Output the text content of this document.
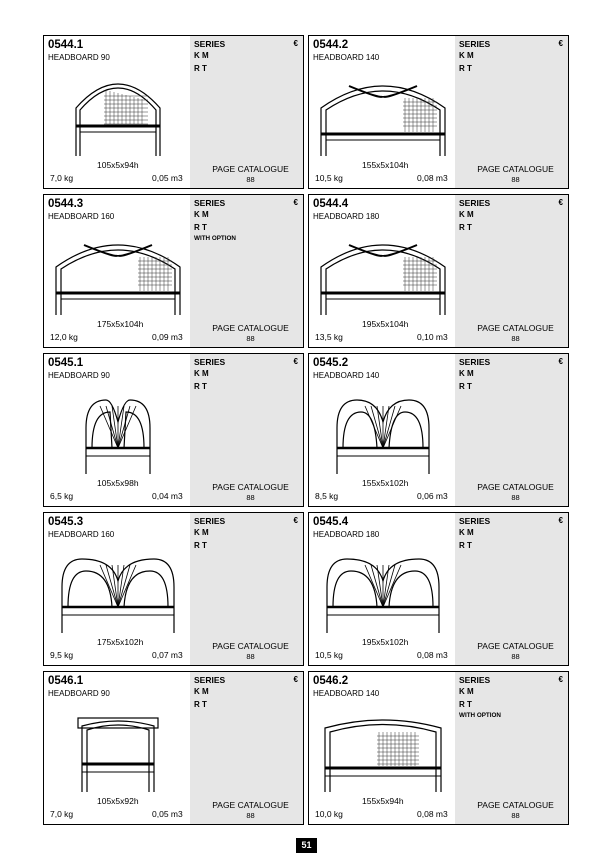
0544.1
HEADBOARD 90
SERIES	€
K M
R T
105x5x94h
7,0 kg	0,05 m3
PAGE CATALOGUE
88
0544.2
HEADBOARD 140
SERIES	€
K M
R T
155x5x104h
10,5 kg	0,08 m3
PAGE CATALOGUE
88
0544.3
HEADBOARD 160
SERIES	€
K M
R T
WITH OPTION
175x5x104h
12,0 kg	0,09 m3
PAGE CATALOGUE
88
0544.4
HEADBOARD 180
SERIES	€
K M
R T
195x5x104h
13,5 kg	0,10 m3
PAGE CATALOGUE
88
0545.1
HEADBOARD 90
SERIES	€
K M
R T
105x5x98h
6,5 kg	0,04 m3
PAGE CATALOGUE
88
0545.2
HEADBOARD 140
SERIES	€
K M
R T
155x5x102h
8,5 kg	0,06 m3
PAGE CATALOGUE
88
0545.3
HEADBOARD 160
SERIES	€
K M
R T
175x5x102h
9,5 kg	0,07 m3
PAGE CATALOGUE
88
0545.4
HEADBOARD 180
SERIES	€
K M
R T
195x5x102h
10,5 kg	0,08 m3
PAGE CATALOGUE
88
0546.1
HEADBOARD 90
SERIES	€
K M
R T
105x5x92h
7,0 kg	0,05 m3
PAGE CATALOGUE
88
0546.2
HEADBOARD 140
SERIES	€
K M
R T
WITH OPTION
155x5x94h
10,0 kg	0,08 m3
PAGE CATALOGUE
88
51
